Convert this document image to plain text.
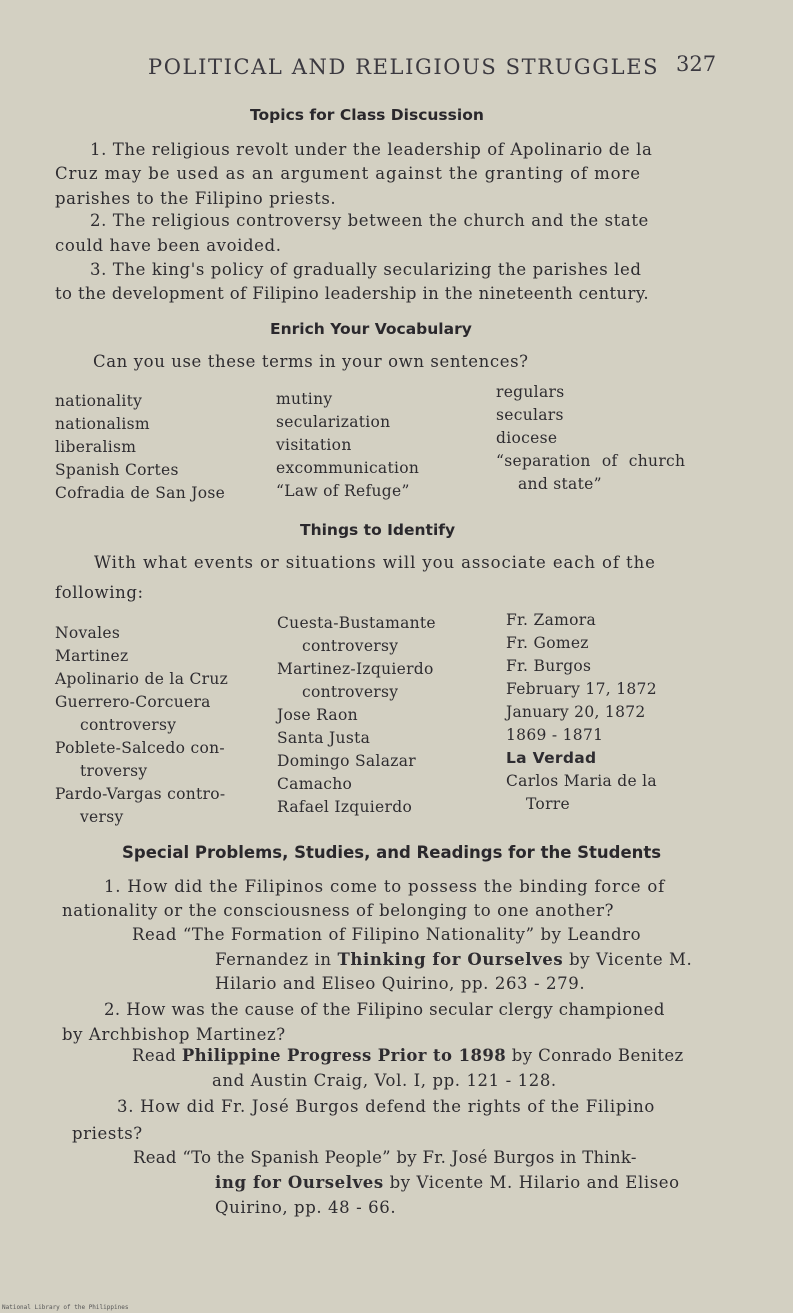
POLITICAL AND RELIGIOUS STRUGGLES 327
Topics for Class Discussion
1. The religious revolt under the leadership of Apolinario de la
Cruz may be used as an argument against the granting of more
parishes to the Filipino priests.
2. The religious controversy between the church and the state
could have been avoided.
3. The king's policy of gradually secularizing the parishes led
to the development of Filipino leadership in the nineteenth century.
Enrich Your Vocabulary
Can you use these terms in your own sentences?
nationality
nationalism
liberalism
Spanish Cortes
Cofradia de San Jose
mutiny
secularization
visitation
excommunication
“Law of Refuge”
regulars
seculars
diocese
“separation of church
and state”
Things to Identify
With what events or situations will you associate each of the
following:
Novales
Martinez
Apolinario de la Cruz
Guerrero-Corcuera
controversy
Poblete-Salcedo con-
troversy
Pardo-Vargas contro-
versy
Cuesta-Bustamante
controversy
Martinez-Izquierdo
controversy
Jose Raon
Santa Justa
Domingo Salazar
Camacho
Rafael Izquierdo
Fr. Zamora
Fr. Gomez
Fr. Burgos
February 17, 1872
January 20, 1872
1869 - 1871
La Verdad
Carlos Maria de la
Torre
Special Problems, Studies, and Readings for the Students
1. How did the Filipinos come to possess the binding force of
nationality or the consciousness of belonging to one another?
Read “The Formation of Filipino Nationality” by Leandro
Fernandez in Thinking for Ourselves by Vicente M.
Hilario and Eliseo Quirino, pp. 263 - 279.
2. How was the cause of the Filipino secular clergy championed
by Archbishop Martinez?
Read Philippine Progress Prior to 1898 by Conrado Benitez
and Austin Craig, Vol. I, pp. 121 - 128.
3. How did Fr. José Burgos defend the rights of the Filipino
priests?
Read “To the Spanish People” by Fr. José Burgos in Think-
ing for Ourselves by Vicente M. Hilario and Eliseo
Quirino, pp. 48 - 66.
National Library of the Philippines
